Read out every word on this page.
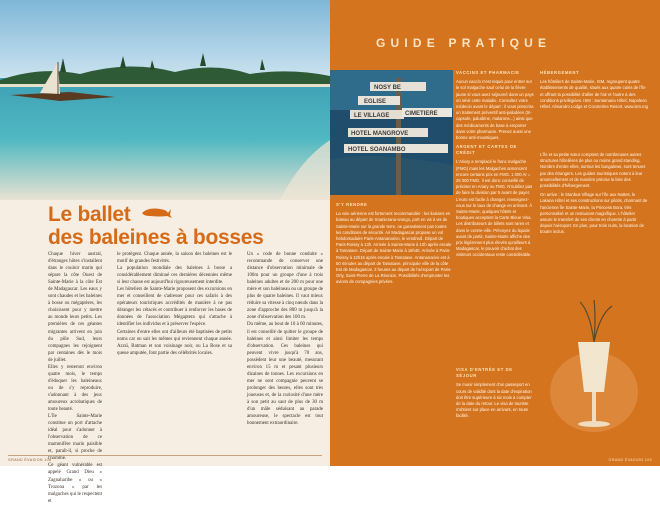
Le ballet
des baleines à bosses

Chaque hiver austral, d'étranges hôtes s'installent dans le couloir marin qui sépare la côte Ouest de Sainte-Marie à la côte Est de Madagascar. Les eaux y sont chaudes et les baleines à bosse ou mégaptères, les choisissent pour y mettre au monde leurs petits. Les premières de ces géantes migrantes arrivent en juin du pôle Sud, leurs compagnes les rejoignent par centaines dès le mois de juillet.

Elles y resteront environ quatre mois, le temps d'éduquer les baleineaux ou de s'y reproduire, s'adonnant à des jeux amoureux acrobatiques de toute beauté.

L'île Sainte-Marie constitue un port d'attache idéal pour s'adonner à l'observation de ce mammifère marin paisible et, paraît-il, si proche de l'homme.

Ce géant vulnérable est appelé Grand Dieu « Zagnaharibe » ou « Trozona » par les malgaches qui le respectent et

le protègent. Chaque année, la saison des baleines est le motif de grandes festivités.

La population mondiale des baleines à bosse a considérablement diminué ces dernières décennies même si leur chasse est aujourd'hui rigoureusement interdite.

Les hôteliers de Sainte-Marie proposent des excursions en mer et conseillent de s'adresser pour ces safaris à des opérateurs touristiques accrédités de manière à ne pas déranger les cétacés et contribuer à renforcer les bases de données de l'association Mégaptera qui s'attache à identifier les individus et à préserver l'espèce.

Certaines d'entre elles ont d'ailleurs été baptisées de petits noms car on sait les mêmes qui reviennent chaque année. Azraï, Batman et son voisinage noir, ou La Bose et sa queue amputée, font partie des célébrités locales.

Un « code de bonne conduite » recommande de conserver une distance d'observation minimale de 100m pour un groupe d'une à trois baleines adultes et de 200 m pour une mère et son baleineau ou un groupe de plus de quatre baleines. Il vaut mieux réduire sa vitesse à cinq nœuds dans la zone d'approche des 800 m jusqu'à la zone d'observation des 100 m.

Du même, au bout de 10 à 60 minutes, il est conseillé de quitter le groupe de baleines et ainsi limiter les temps d'observation. Ces baleines qui peuvent vivre jusqu'à 70 ans, possèdent leur une beauté, mesurant environ 15 m et pesant plusieurs dizaines de tonnes. Les excursions en mer ne sont compagnie peuvent se prolonger des heures, elles sont très joueuses et, de la curiosité d'une mère à son petit au saut de plus de 30 m d'un mâle séduisant au parade amoureuse, le spectacle est tout bonnement extraordinaire.

GRAND ÉVASION 108
GUIDE PRATIQUE
NOSY BE
EGLISE
LE VILLAGE	CIMETIERE
HOTEL MANGROVE
HOTEL SOANAMBO
VACCINS ET PHARMACIE
Aucun vaccin n'est requis pour entrer sur le sol malgache sauf celui de la fièvre jaune si vous avez séjourné dans un pays où sévit cette maladie. Consultez votre médecin avant le départ : il vous prescrira un traitement préventif anti-paludéen (tri-capsule, paludrine, malarone...) ainsi que des médicaments de base à emporter dans votre pharmacie. Prenez aussi une bonne anti-moustiques.
ARGENT ET CARTES DE CRÉDIT
L'Ariary a remplacé le franc malgache (FMG) mais les Malgaches annoncent encore certains prix en FMG. 1 000 Ar = 25 000 FMG. Il est donc conseillé de préciser en Ariary ou FMG. N'oubliez pas de faire la division par 5 avant de payer. L'euro est facile à changer, renseignez-vous sur le taux de change en arrivant. À Sainte-Marie, quelques hôtels et boutiques acceptent la Carte Bleue Visa. Les distributeurs de billets sont rares et dans le centre-ville. Prévoyez du liquide avant de partir, Sainte-Marie affiche des prix légèrement plus élevés qu'ailleurs à Madagascar, le pouvoir d'achat des visiteurs occidentaux reste considérable.
VISA D'ENTRÉE ET DE SÉJOUR
Se munir simplement d'un passeport en cours de validité dont la date d'expiration doit être supérieure à six mois à compter de la date du retour. Le visa de touriste s'obtient sur place en arrivant, en toute facilité.
HÉBERGEMENT
Les hôteliers de Sainte-Marie, ISM, regroupent quatre établissements de qualité, situés aux quatre coins de l'île et offrant la possibilité d'allier de l'air et l'autre à des conditions privilégiées. ISM : Santamaria Hôtel, Napoleon Hôtel, Almandro Lodge et Cocoterine Resort. www.ism.mg
L'île et sa petite sœur comptent de nombreuses autres structures hôtelières de plus ou moins grand standing. Nombre d'entre elles, surtout les bungalows, sont tenues par des étrangers. Les guides touristiques notent à leur amoncellement et de manière précise la liste des possibilités d'hébergement.
On arrive : le Stanbus Village sur l'île aux Nattes, le Lakana Hôtel et ses constructions sur pilotis, charmant de l'ancienne île Sainte-Marie, la Princess Bora, très personnalisé et un restaurant magnifique. L'hôtelier assure le transfert de ses clients en charette à partir depuis l'aéroport. En plus, pour trois nuits, la location de boutre inclus.
S'Y RENDRE
La voie aérienne est fortement recommandée : les liaisons en bateau au départ de Soanierana-Ivongo, port en vis à vis de Sainte-Marie sur la grande terre, ne garantissent pas toutes les conditions de sécurité. Air Madagascar propose un vol hebdomadaire Paris-Antananarivo, le vendredi. Départ de Paris-Roissy à 13h. Arrivée à Sainte-Marie à 10h après escale à Tamatave. Départ de Sainte-Marie à 16h40. Arrivée à Paris-Roissy à 12h15 après escale à Tamatave. Antananarivo est à 50 minutes au départ de Tamatave, principale ville de la côte Est de Madagascar. 3 heures au départ de l'aéroport de Paris-Orly, Saint-Pierre de La Réunion. Possibilités d'emprunter les avions de compagnies privées.
GRAND ÉVASION 109
